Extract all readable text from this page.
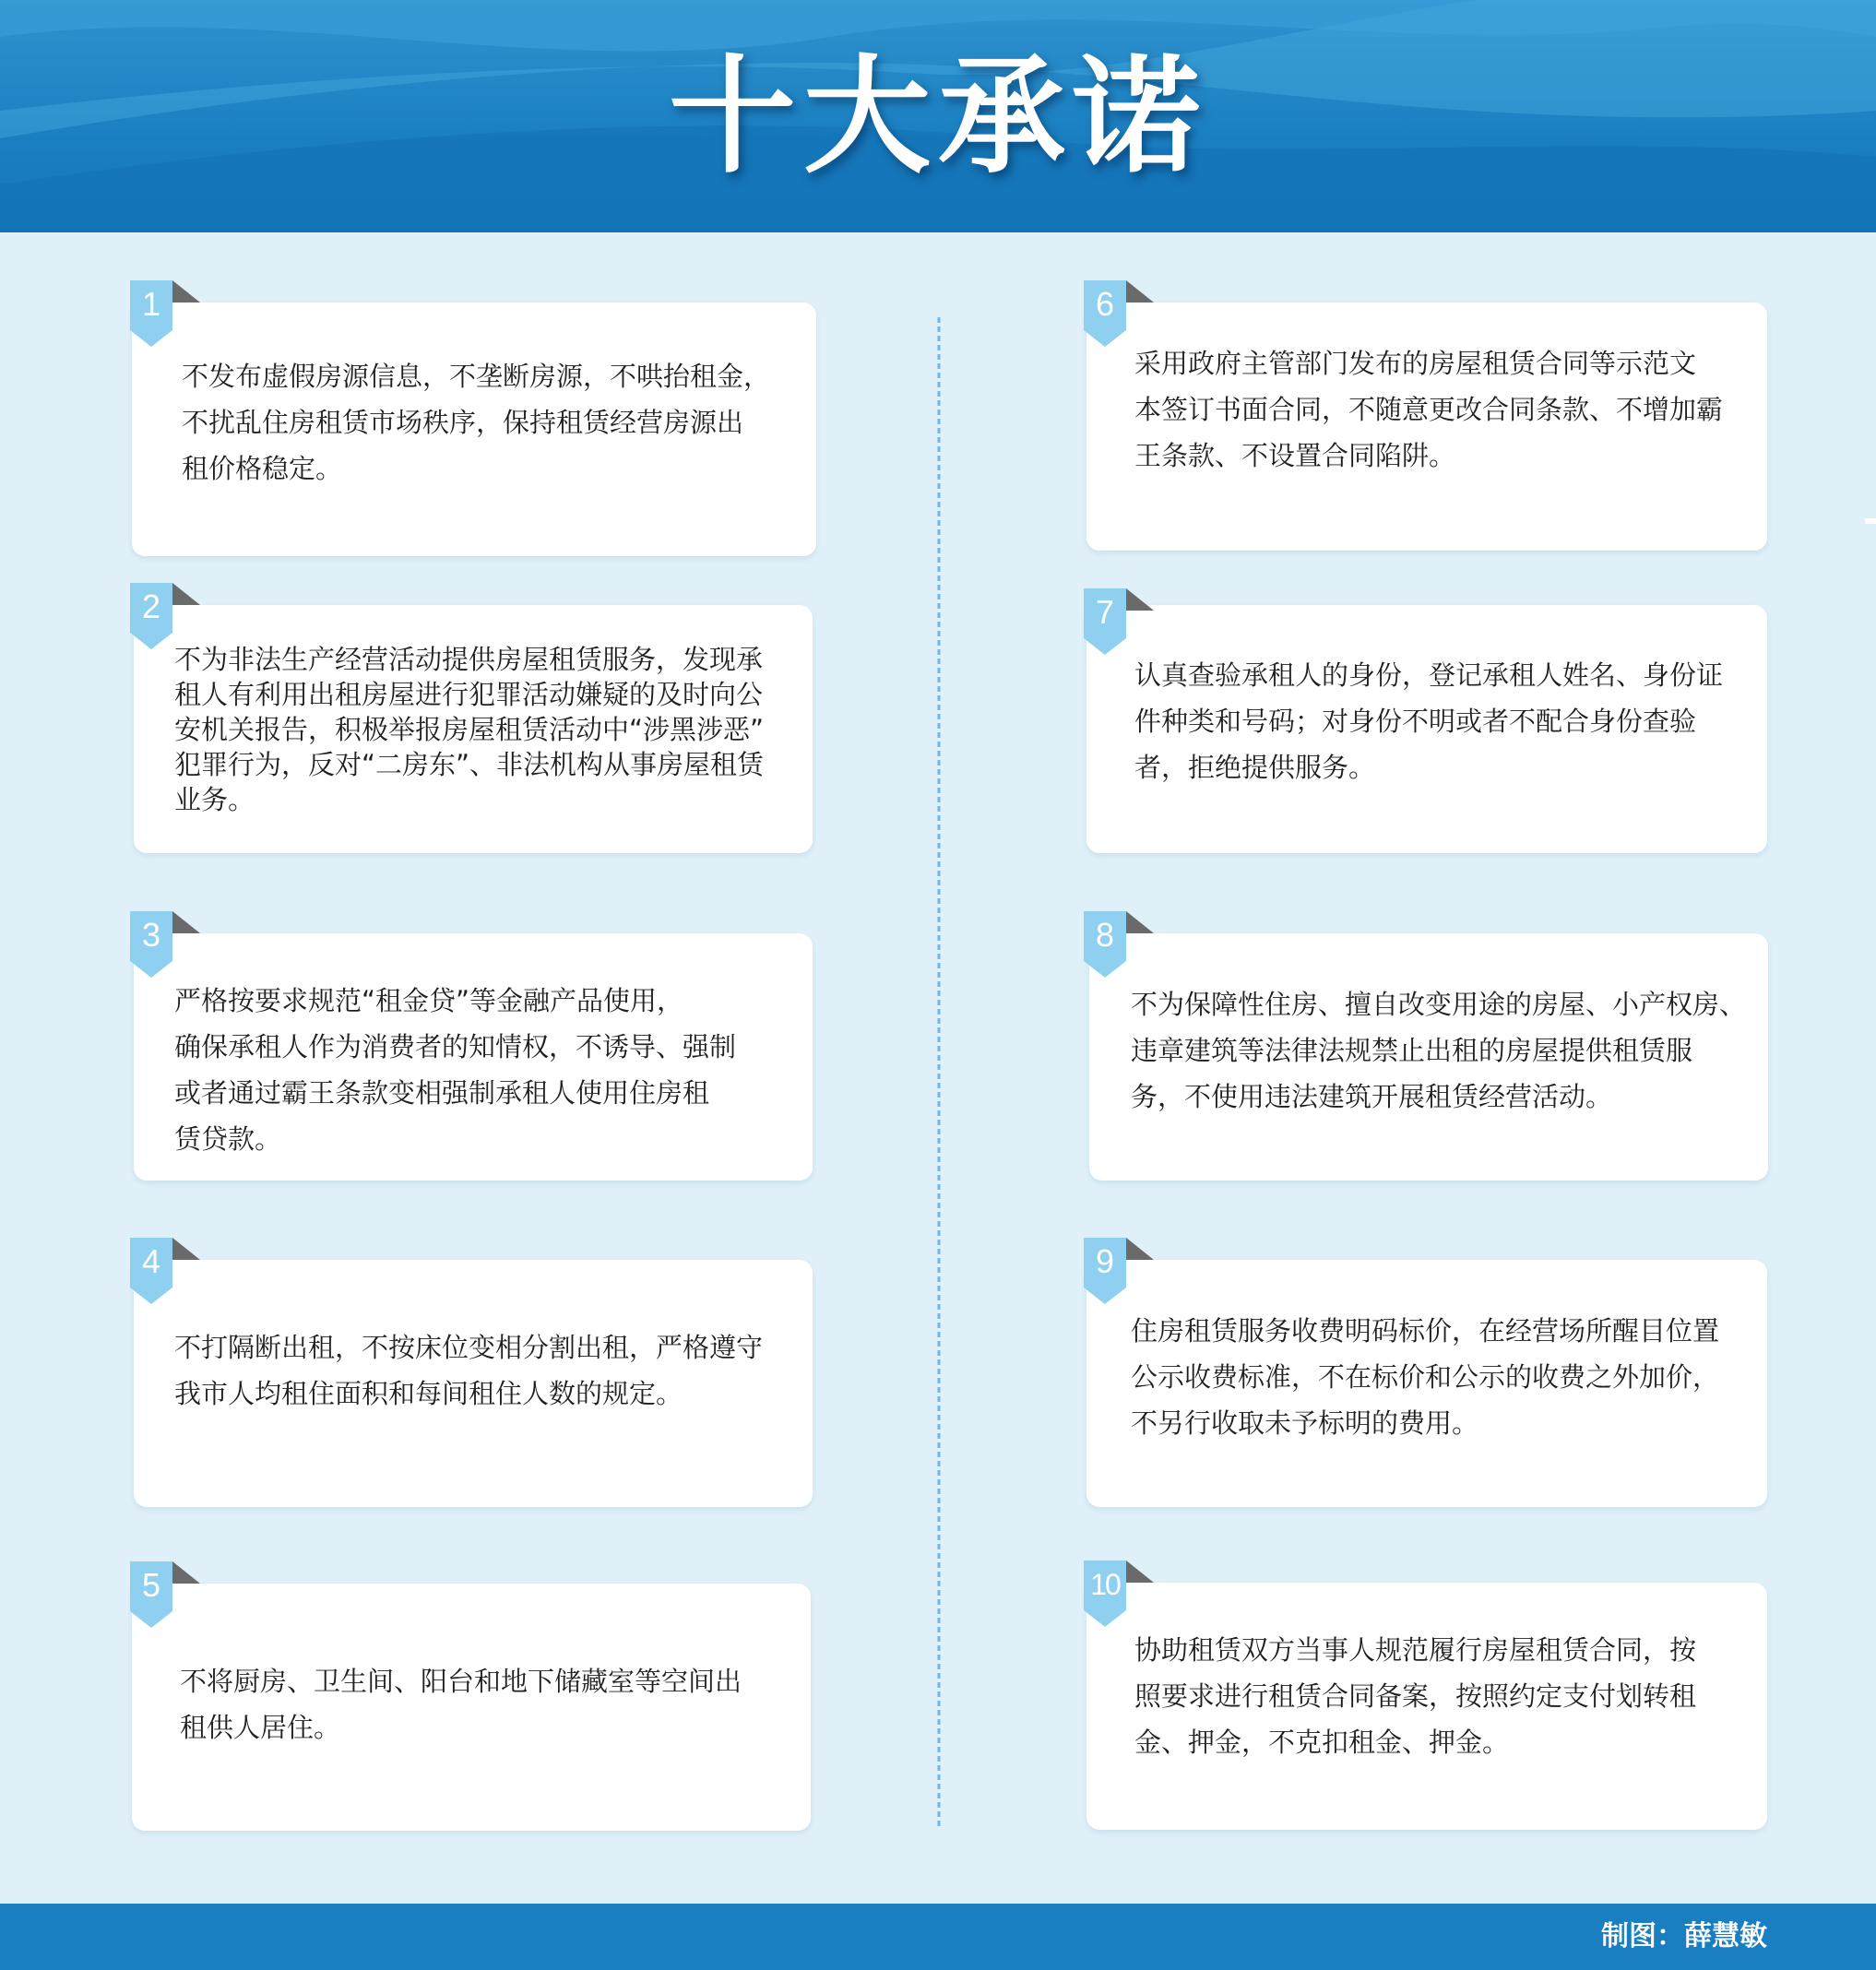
十大承诺
不发布虚假房源信息，不垄断房源，不哄抬租金，
不扰乱住房租赁市场秩序，保持租赁经营房源出
租价格稳定。
1
不为非法生产经营活动提供房屋租赁服务，发现承
租人有利用出租房屋进行犯罪活动嫌疑的及时向公
安机关报告，积极举报房屋租赁活动中“涉黑涉恶”
犯罪行为，反对“二房东”、非法机构从事房屋租赁
业务。
2
严格按要求规范“租金贷”等金融产品使用，
确保承租人作为消费者的知情权，不诱导、强制
或者通过霸王条款变相强制承租人使用住房租
赁贷款。
3
不打隔断出租，不按床位变相分割出租，严格遵守
我市人均租住面积和每间租住人数的规定。
4
不将厨房、卫生间、阳台和地下储藏室等空间出
租供人居住。
5
采用政府主管部门发布的房屋租赁合同等示范文
本签订书面合同，不随意更改合同条款、不增加霸
王条款、不设置合同陷阱。
6
认真查验承租人的身份，登记承租人姓名、身份证
件种类和号码；对身份不明或者不配合身份查验
者，拒绝提供服务。
7
不为保障性住房、擅自改变用途的房屋、小产权房、
违章建筑等法律法规禁止出租的房屋提供租赁服
务，不使用违法建筑开展租赁经营活动。
8
住房租赁服务收费明码标价，在经营场所醒目位置
公示收费标准，不在标价和公示的收费之外加价，
不另行收取未予标明的费用。
9
协助租赁双方当事人规范履行房屋租赁合同，按
照要求进行租赁合同备案，按照约定支付划转租
金、押金，不克扣租金、押金。
10
制图：薛慧敏
